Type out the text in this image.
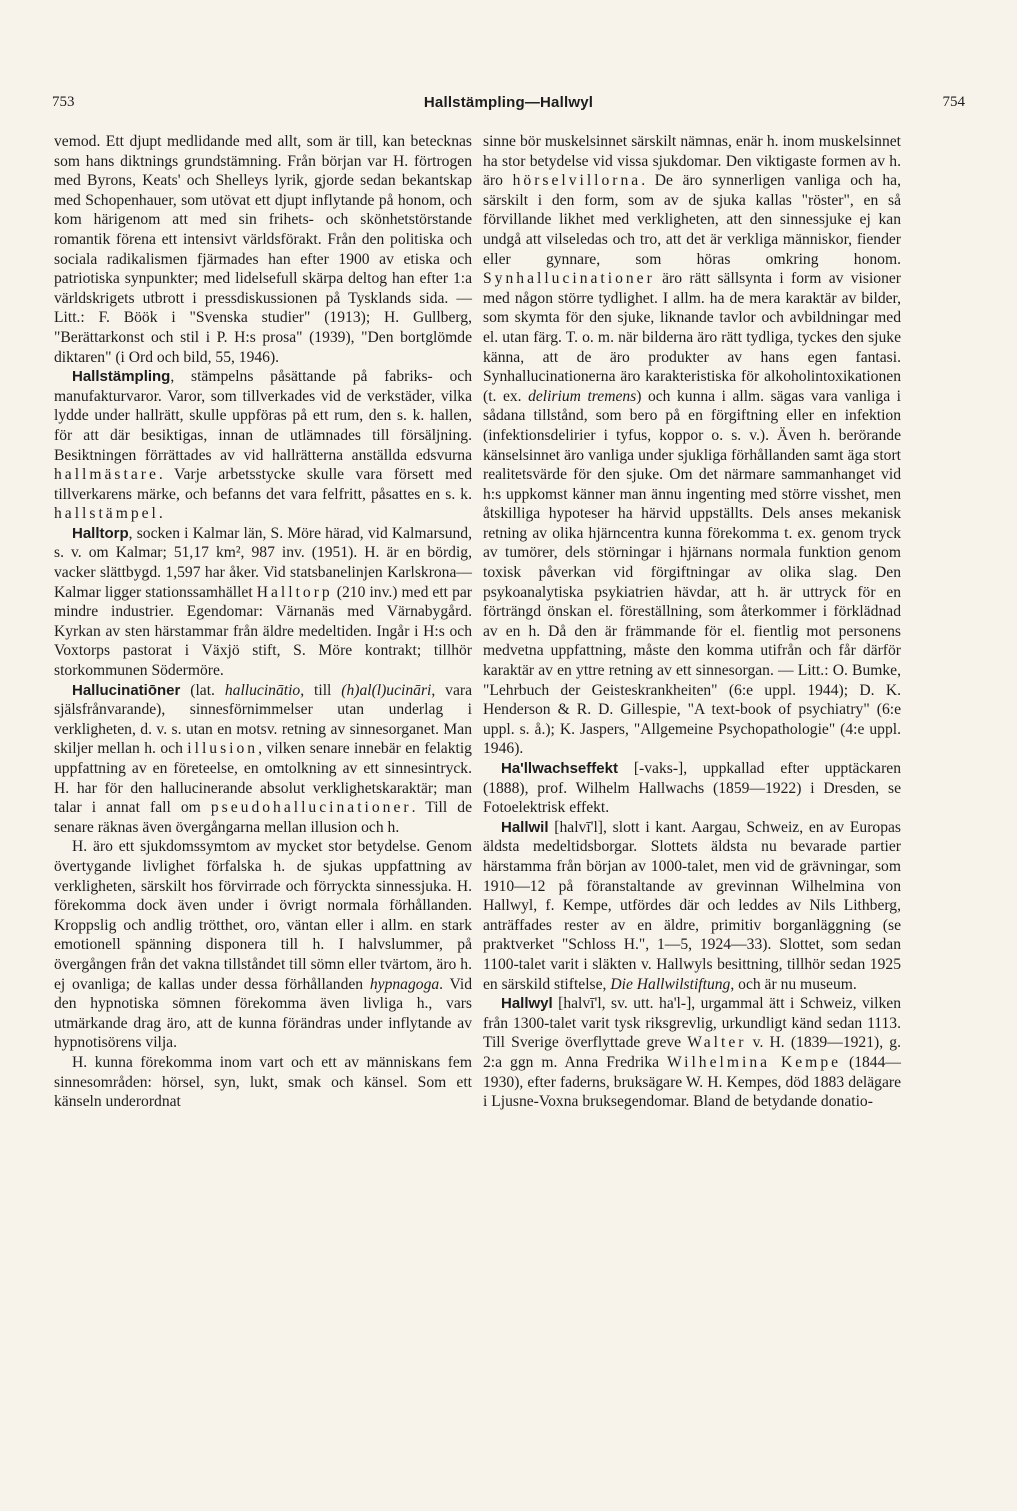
753	Hallstämpling—Hallwyl	754

vemod. Ett djupt medlidande med allt, som är till, kan betecknas som hans diktnings grundstämning. Från början var H. förtrogen med Byrons, Keats' och Shelleys lyrik, gjorde sedan bekantskap med Schopenhauer, som utövat ett djupt inflytande på honom, och kom härigenom att med sin frihets- och skönhetstörstande romantik förena ett intensivt världsförakt. Från den politiska och sociala radikalismen fjärmades han efter 1900 av etiska och patriotiska synpunkter; med lidelsefull skärpa deltog han efter 1:a världskrigets utbrott i pressdiskussionen på Tysklands sida. — Litt.: F. Böök i "Svenska studier" (1913); H. Gullberg, "Berättarkonst och stil i P. H:s prosa" (1939), "Den bortglömde diktaren" (i Ord och bild, 55, 1946).

Hallstämpling, stämpelns påsättande på fabriks- och manufakturvaror. Varor, som tillverkades vid de verkstäder, vilka lydde under hallrätt, skulle uppföras på ett rum, den s. k. hallen, för att där besiktigas, innan de utlämnades till försäljning. Besiktningen förrättades av vid hallrätterna anställda edsvurna hallmästare. Varje arbetsstycke skulle vara försett med tillverkarens märke, och befanns det vara felfritt, påsattes en s. k. hallstämpel.

Halltorp, socken i Kalmar län, S. Möre härad, vid Kalmarsund, s. v. om Kalmar; 51,17 km², 987 inv. (1951). H. är en bördig, vacker slättbygd. 1,597 har åker. Vid statsbanelinjen Karlskrona—Kalmar ligger stationssamhället Halltorp (210 inv.) med ett par mindre industrier. Egendomar: Värnanäs med Värnabygård. Kyrkan av sten härstammar från äldre medeltiden. Ingår i H:s och Voxtorps pastorat i Växjö stift, S. Möre kontrakt; tillhör storkommunen Södermöre.

Hallucinatiōner (lat. hallucinātio, till (h)al(l)ucināri, vara själsfrånvarande), sinnesförnimmelser utan underlag i verkligheten, d. v. s. utan en motsv. retning av sinnesorganet. Man skiljer mellan h. och illusion, vilken senare innebär en felaktig uppfattning av en företeelse, en omtolkning av ett sinnesintryck. H. har för den hallucinerande absolut verklighetskaraktär; man talar i annat fall om pseudohallucinationer. Till de senare räknas även övergångarna mellan illusion och h.

H. äro ett sjukdomssymtom av mycket stor betydelse. Genom övertygande livlighet förfalska h. de sjukas uppfattning av verkligheten, särskilt hos förvirrade och förryckta sinnessjuka. H. förekomma dock även under i övrigt normala förhållanden. Kroppslig och andlig trötthet, oro, väntan eller i allm. en stark emotionell spänning disponera till h. I halvslummer, på övergången från det vakna tillståndet till sömn eller tvärtom, äro h. ej ovanliga; de kallas under dessa förhållanden hypnagoga. Vid den hypnotiska sömnen förekomma även livliga h., vars utmärkande drag äro, att de kunna förändras under inflytande av hypnotisörens vilja.

H. kunna förekomma inom vart och ett av människans fem sinnesområden: hörsel, syn, lukt, smak och känsel. Som ett känseln underordnat

sinne bör muskelsinnet särskilt nämnas, enär h. inom muskelsinnet ha stor betydelse vid vissa sjukdomar. Den viktigaste formen av h. äro hörselvillorna. De äro synnerligen vanliga och ha, särskilt i den form, som av de sjuka kallas "röster", en så förvillande likhet med verkligheten, att den sinnessjuke ej kan undgå att vilseledas och tro, att det är verkliga människor, fiender eller gynnare, som höras omkring honom. Synhallucinationer äro rätt sällsynta i form av visioner med någon större tydlighet. I allm. ha de mera karaktär av bilder, som skymta för den sjuke, liknande tavlor och avbildningar med el. utan färg. T. o. m. när bilderna äro rätt tydliga, tyckes den sjuke känna, att de äro produkter av hans egen fantasi. Synhallucinationerna äro karakteristiska för alkoholintoxikationen (t. ex. delirium tremens) och kunna i allm. sägas vara vanliga i sådana tillstånd, som bero på en förgiftning eller en infektion (infektionsdelirier i tyfus, koppor o. s. v.). Även h. berörande känselsinnet äro vanliga under sjukliga förhållanden samt äga stort realitetsvärde för den sjuke. Om det närmare sammanhanget vid h:s uppkomst känner man ännu ingenting med större visshet, men åtskilliga hypoteser ha härvid uppställts. Dels anses mekanisk retning av olika hjärncentra kunna förekomma t. ex. genom tryck av tumörer, dels störningar i hjärnans normala funktion genom toxisk påverkan vid förgiftningar av olika slag. Den psykoanalytiska psykiatrien hävdar, att h. är uttryck för en förträngd önskan el. föreställning, som återkommer i förklädnad av en h. Då den är främmande för el. fientlig mot personens medvetna uppfattning, måste den komma utifrån och får därför karaktär av en yttre retning av ett sinnesorgan. — Litt.: O. Bumke, "Lehrbuch der Geisteskrankheiten" (6:e uppl. 1944); D. K. Henderson & R. D. Gillespie, "A text-book of psychiatry" (6:e uppl. s. å.); K. Jaspers, "Allgemeine Psychopathologie" (4:e uppl. 1946).

Ha'llwachseffekt [-vaks-], uppkallad efter upptäckaren (1888), prof. Wilhelm Hallwachs (1859—1922) i Dresden, se Fotoelektrisk effekt.

Hallwil [halvī'l], slott i kant. Aargau, Schweiz, en av Europas äldsta medeltidsborgar. Slottets äldsta nu bevarade partier härstamma från början av 1000-talet, men vid de grävningar, som 1910—12 på föranstaltande av grevinnan Wilhelmina von Hallwyl, f. Kempe, utfördes där och leddes av Nils Lithberg, anträffades rester av en äldre, primitiv borganläggning (se praktverket "Schloss H.", 1—5, 1924—33). Slottet, som sedan 1100-talet varit i släkten v. Hallwyls besittning, tillhör sedan 1925 en särskild stiftelse, Die Hallwilstiftung, och är nu museum.

Hallwyl [halvī'l, sv. utt. ha'l-], urgammal ätt i Schweiz, vilken från 1300-talet varit tysk riksgrevlig, urkundligt känd sedan 1113. Till Sverige överflyttade greve Walter v. H. (1839—1921), g. 2:a ggn m. Anna Fredrika Wilhelmina Kempe (1844—1930), efter faderns, bruksägare W. H. Kempes, död 1883 delägare i Ljusne-Voxna bruksegendomar. Bland de betydande donatio-
